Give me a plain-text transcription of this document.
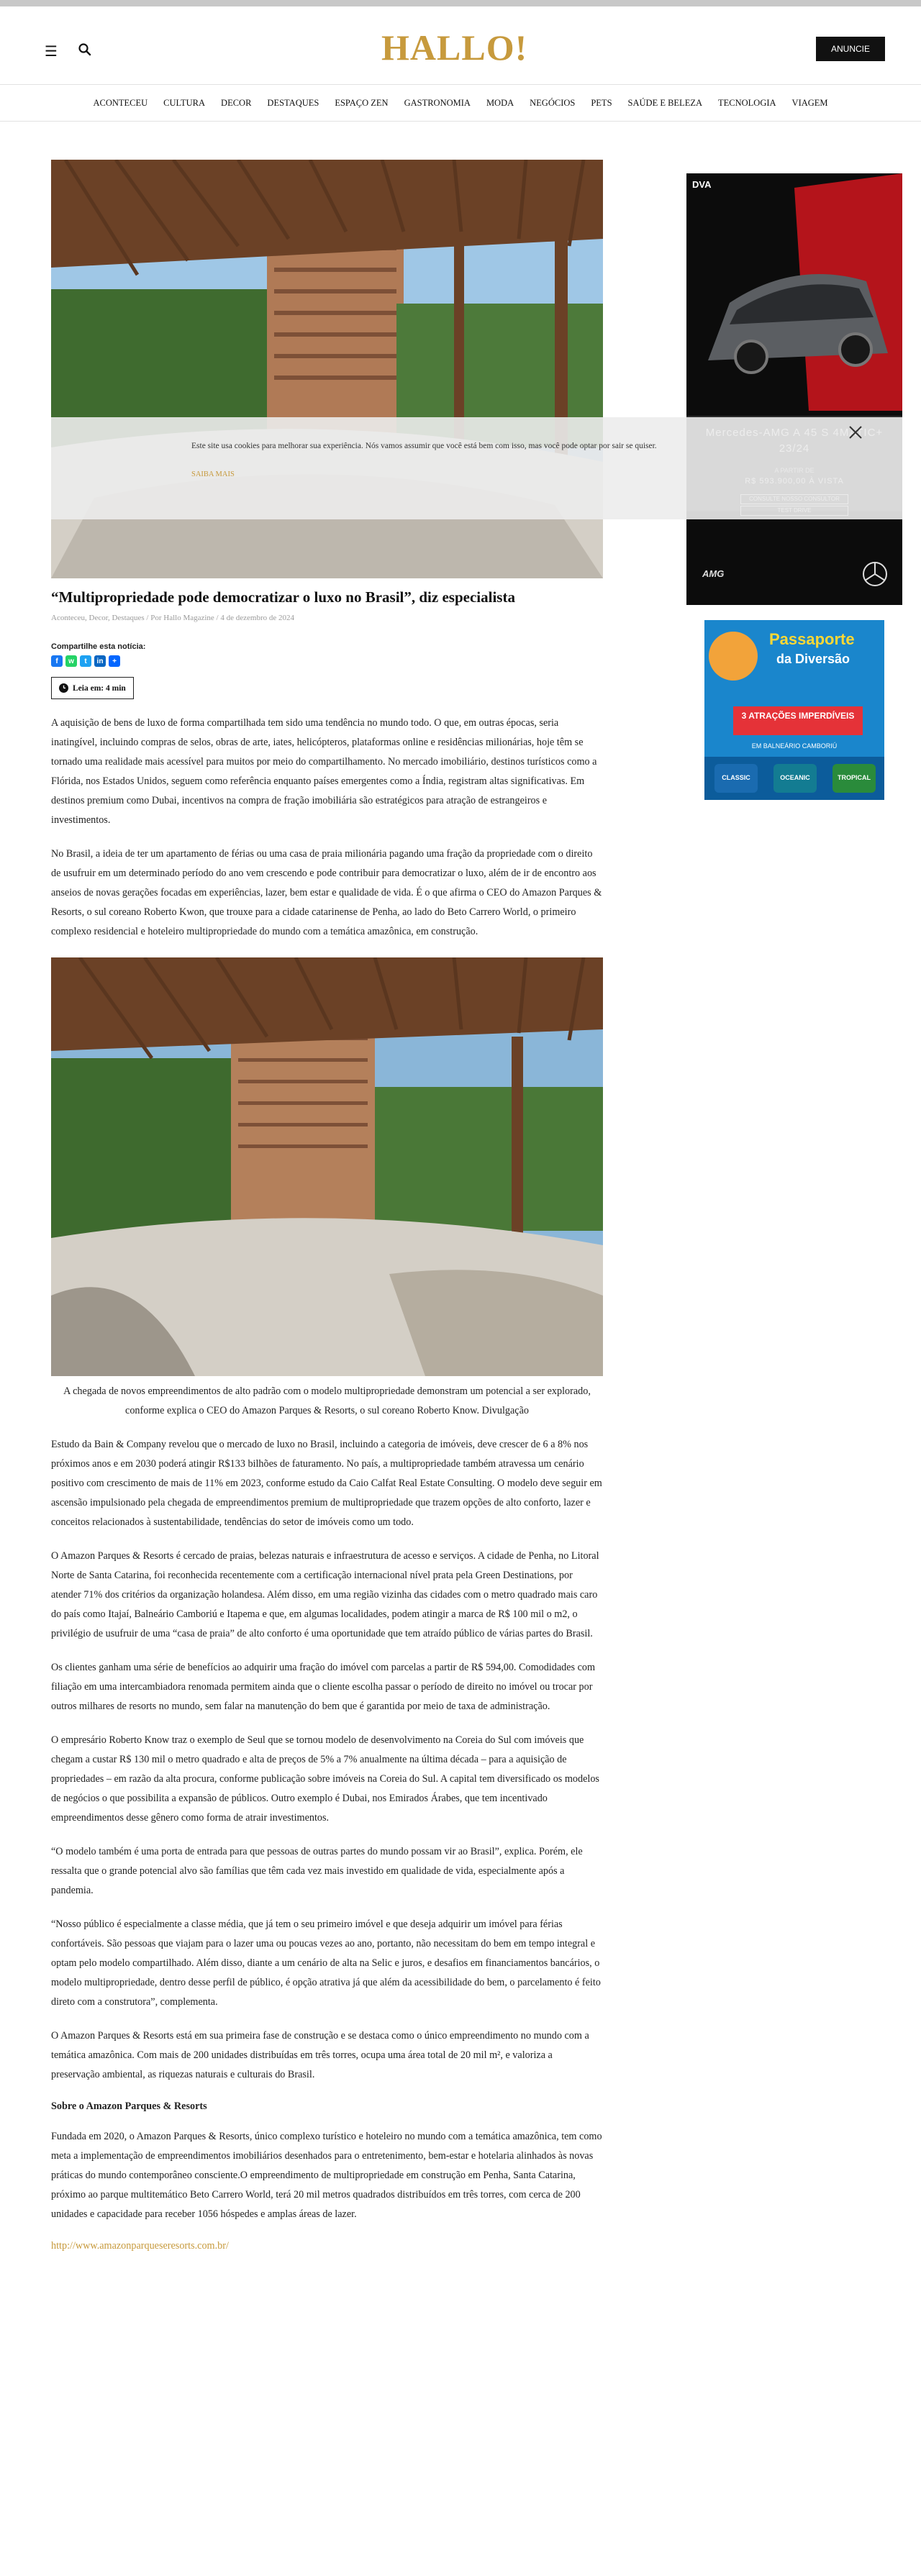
☰	HALLO!	ANUNCIE
ACONTECEU	CULTURA	DECOR	DESTAQUES	ESPAÇO ZEN	GASTRONOMIA	MODA	NEGÓCIOS	PETS	SAÚDE E BELEZA	TECNOLOGIA	VIAGEM
“Multipropriedade pode democratizar o luxo no Brasil”, diz especialista
Aconteceu, Decor, Destaques / Por Hallo Magazine / 4 de dezembro de 2024
Compartilhe esta notícia:
f	w	t	in	+
Leia em: 4 min

A aquisição de bens de luxo de forma compartilhada tem sido uma tendência no mundo todo. O que, em outras épocas, seria inatingível, incluindo compras de selos, obras de arte, iates, helicópteros, plataformas online e residências milionárias, hoje têm se tornado uma realidade mais acessível para muitos por meio do compartilhamento. No mercado imobiliário, destinos turísticos como a Flórida, nos Estados Unidos, seguem como referência enquanto países emergentes como a Índia, registram altas significativas. Em destinos premium como Dubai, incentivos na compra de fração imobiliária são estratégicos para atração de estrangeiros e investimentos.

No Brasil, a ideia de ter um apartamento de férias ou uma casa de praia milionária pagando uma fração da propriedade com o direito de usufruir em um determinado período do ano vem crescendo e pode contribuir para democratizar o luxo, além de ir de encontro aos anseios de novas gerações focadas em experiências, lazer, bem estar e qualidade de vida. É o que afirma o CEO do Amazon Parques & Resorts, o sul coreano Roberto Kwon, que trouxe para a cidade catarinense de Penha, ao lado do Beto Carrero World, o primeiro complexo residencial e hoteleiro multipropriedade do mundo com a temática amazônica, em construção.

A chegada de novos empreendimentos de alto padrão com o modelo multipropriedade demonstram um potencial a ser explorado, conforme explica o CEO do Amazon Parques & Resorts, o sul coreano Roberto Know. Divulgação

Estudo da Bain & Company revelou que o mercado de luxo no Brasil, incluindo a categoria de imóveis, deve crescer de 6 a 8% nos próximos anos e em 2030 poderá atingir R$133 bilhões de faturamento. No país, a multipropriedade também atravessa um cenário positivo com crescimento de mais de 11% em 2023, conforme estudo da Caio Calfat Real Estate Consulting. O modelo deve seguir em ascensão impulsionado pela chegada de empreendimentos premium de multipropriedade que trazem opções de alto conforto, lazer e conceitos relacionados à sustentabilidade, tendências do setor de imóveis como um todo.

O Amazon Parques & Resorts é cercado de praias, belezas naturais e infraestrutura de acesso e serviços. A cidade de Penha, no Litoral Norte de Santa Catarina, foi reconhecida recentemente com a certificação internacional nível prata pela Green Destinations, por atender 71% dos critérios da organização holandesa. Além disso, em uma região vizinha das cidades com o metro quadrado mais caro do país como Itajaí, Balneário Camboriú e Itapema e que, em algumas localidades, podem atingir a marca de R$ 100 mil o m2, o privilégio de usufruir de uma “casa de praia” de alto conforto é uma oportunidade que tem atraído público de várias partes do Brasil.

Os clientes ganham uma série de benefícios ao adquirir uma fração do imóvel com parcelas a partir de R$ 594,00. Comodidades com filiação em uma intercambiadora renomada permitem ainda que o cliente escolha passar o período de direito no imóvel ou trocar por outros milhares de resorts no mundo, sem falar na manutenção do bem que é garantida por meio de taxa de administração.

O empresário Roberto Know traz o exemplo de Seul que se tornou modelo de desenvolvimento na Coreia do Sul com imóveis que chegam a custar R$ 130 mil o metro quadrado e alta de preços de 5% a 7% anualmente na última década – para a aquisição de propriedades – em razão da alta procura, conforme publicação sobre imóveis na Coreia do Sul. A capital tem diversificado os modelos de negócios o que possibilita a expansão de públicos. Outro exemplo é Dubai, nos Emirados Árabes, que tem incentivado empreendimentos desse gênero como forma de atrair investimentos.

“O modelo também é uma porta de entrada para que pessoas de outras partes do mundo possam vir ao Brasil”, explica. Porém, ele ressalta que o grande potencial alvo são famílias que têm cada vez mais investido em qualidade de vida, especialmente após a pandemia.

“Nosso público é especialmente a classe média, que já tem o seu primeiro imóvel e que deseja adquirir um imóvel para férias confortáveis. São pessoas que viajam para o lazer uma ou poucas vezes ao ano, portanto, não necessitam do bem em tempo integral e optam pelo modelo compartilhado. Além disso, diante a um cenário de alta na Selic e juros, e desafios em financiamentos bancários, o modelo multipropriedade, dentro desse perfil de público, é opção atrativa já que além da acessibilidade do bem, o parcelamento é feito direto com a construtora”, complementa.

O Amazon Parques & Resorts está em sua primeira fase de construção e se destaca como o único empreendimento no mundo com a temática amazônica. Com mais de 200 unidades distribuídas em três torres, ocupa uma área total de 20 mil m², e valoriza a preservação ambiental, as riquezas naturais e culturais do Brasil.

Sobre o Amazon Parques & Resorts

Fundada em 2020, o Amazon Parques & Resorts, único complexo turístico e hoteleiro no mundo com a temática amazônica, tem como meta a implementação de empreendimentos imobiliários desenhados para o entretenimento, bem-estar e hotelaria alinhados às novas práticas do mundo contemporâneo consciente.O empreendimento de multipropriedade em construção em Penha, Santa Catarina, próximo ao parque multitemático Beto Carrero World, terá 20 mil metros quadrados distribuídos em três torres, com cerca de 200 unidades e capacidade para receber 1056 hóspedes e amplas áreas de lazer.

http://www.amazonparqueseresorts.com.br/

DVA
AMG
Passaporte
da Diversão
3 ATRAÇÕES IMPERDÍVEIS
EM BALNEÁRIO CAMBORIÚ
CLASSIC	OCEANIC	TROPICAL
Este site usa cookies para melhorar sua experiência. Nós vamos assumir que você está bem com isso, mas você pode optar por sair se quiser.
SAIBA MAIS
